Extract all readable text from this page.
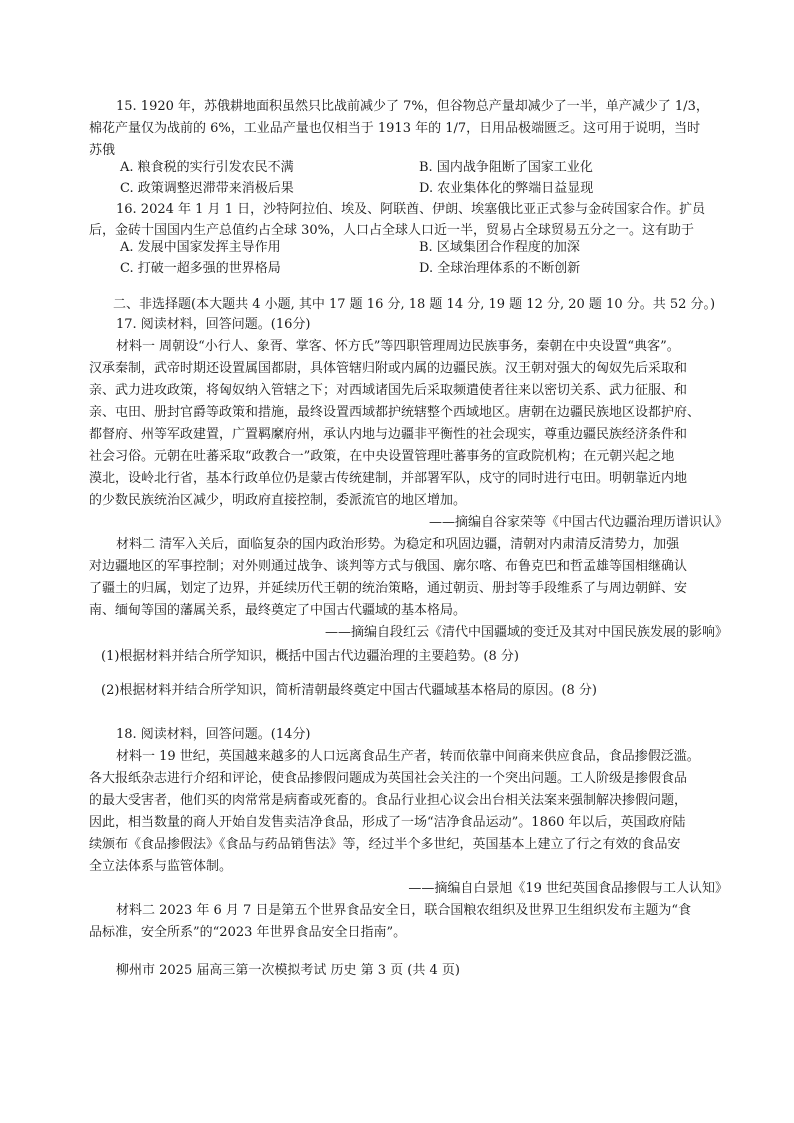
15. 1920 年，苏俄耕地面积虽然只比战前减少了 7%，但谷物总产量却减少了一半，单产减少了 1/3，
棉花产量仅为战前的 6%，工业品产量也仅相当于 1913 年的 1/7，日用品极端匮乏。这可用于说明，当时
苏俄
A. 粮食税的实行引发农民不满	B. 国内战争阻断了国家工业化
C. 政策调整迟滞带来消极后果	D. 农业集体化的弊端日益显现
16. 2024 年 1 月 1 日，沙特阿拉伯、埃及、阿联酋、伊朗、埃塞俄比亚正式参与金砖国家合作。扩员
后，金砖十国国内生产总值约占全球 30%，人口占全球人口近一半，贸易占全球贸易五分之一。这有助于
A. 发展中国家发挥主导作用	B. 区域集团合作程度的加深
C. 打破一超多强的世界格局	D. 全球治理体系的不断创新
二、非选择题(本大题共 4 小题, 其中 17 题 16 分, 18 题 14 分, 19 题 12 分, 20 题 10 分。共 52 分。)
17. 阅读材料，回答问题。(16分)
材料一 周朝设“小行人、象胥、掌客、怀方氏”等四职管理周边民族事务，秦朝在中央设置“典客”。
汉承秦制，武帝时期还设置属国都尉，具体管辖归附或内属的边疆民族。汉王朝对强大的匈奴先后采取和
亲、武力进攻政策，将匈奴纳入管辖之下；对西域诸国先后采取频遣使者往来以密切关系、武力征服、和
亲、屯田、册封官爵等政策和措施，最终设置西域都护统辖整个西域地区。唐朝在边疆民族地区设都护府、
都督府、州等军政建置，广置羁縻府州，承认内地与边疆非平衡性的社会现实，尊重边疆民族经济条件和
社会习俗。元朝在吐蕃采取“政教合一”政策，在中央设置管理吐蕃事务的宣政院机构；在元朝兴起之地
漠北，设岭北行省，基本行政单位仍是蒙古传统建制，并部署军队，戍守的同时进行屯田。明朝靠近内地
的少数民族统治区减少，明政府直接控制，委派流官的地区增加。
——摘编自谷家荣等《中国古代边疆治理历谱识认》
材料二 清军入关后，面临复杂的国内政治形势。为稳定和巩固边疆，清朝对内肃清反清势力，加强
对边疆地区的军事控制；对外则通过战争、谈判等方式与俄国、廓尔喀、布鲁克巴和哲孟雄等国相继确认
了疆土的归属，划定了边界，并延续历代王朝的统治策略，通过朝贡、册封等手段维系了与周边朝鲜、安
南、缅甸等国的藩属关系，最终奠定了中国古代疆域的基本格局。
——摘编自段红云《清代中国疆域的变迁及其对中国民族发展的影响》
(1)根据材料并结合所学知识，概括中国古代边疆治理的主要趋势。(8 分)
(2)根据材料并结合所学知识，简析清朝最终奠定中国古代疆域基本格局的原因。(8 分)
18. 阅读材料，回答问题。(14分)
材料一 19 世纪，英国越来越多的人口远离食品生产者，转而依靠中间商来供应食品，食品掺假泛滥。
各大报纸杂志进行介绍和评论，使食品掺假问题成为英国社会关注的一个突出问题。工人阶级是掺假食品
的最大受害者，他们买的肉常常是病畜或死畜的。食品行业担心议会出台相关法案来强制解决掺假问题，
因此，相当数量的商人开始自发售卖洁净食品，形成了一场“洁净食品运动”。1860 年以后，英国政府陆
续颁布《食品掺假法》《食品与药品销售法》等，经过半个多世纪，英国基本上建立了行之有效的食品安
全立法体系与监管体制。
——摘编自白景旭《19 世纪英国食品掺假与工人认知》
材料二 2023 年 6 月 7 日是第五个世界食品安全日，联合国粮农组织及世界卫生组织发布主题为“食
品标准，安全所系”的“2023 年世界食品安全日指南”。
柳州市 2025 届高三第一次模拟考试 历史 第 3 页 (共 4 页)
